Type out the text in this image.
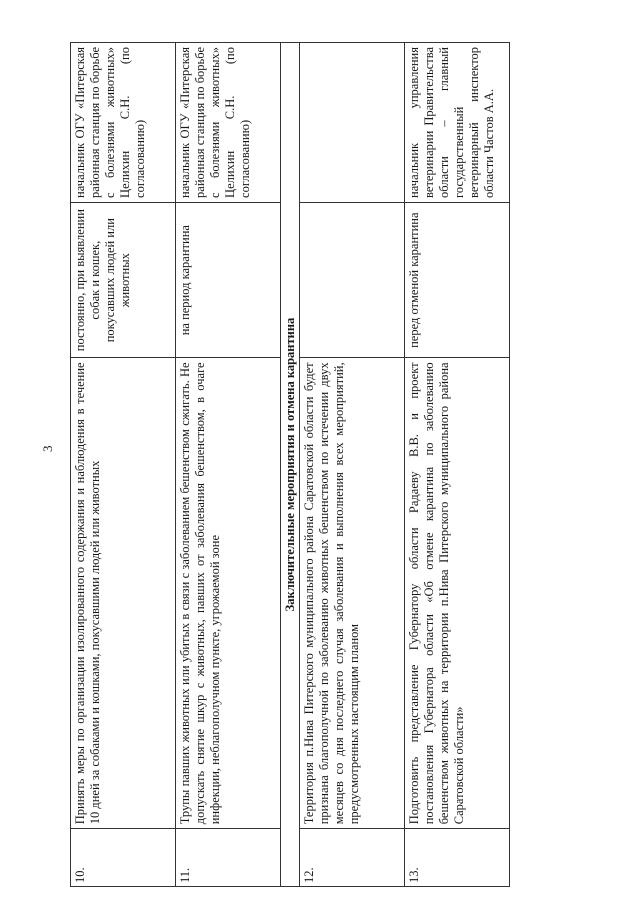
3
10.	Принять меры по организации изолированного содержания и наблюдения в течение 10 дней за собаками и кошками, покусавшими людей или животных	постоянно, при выявлении собак и кошек, покусавших людей или животных	начальник ОГУ «Питерская районная станция по борьбе с болезнями животных» Целихин С.Н. (по согласованию)
11.	Трупы павших животных или убитых в связи с заболеванием бешенством сжигать. Не допускать снятие шкур с животных, павших от заболевания бешенством, в очаге инфекции, неблагополучном пункте, угрожаемой зоне	на период карантина	начальник ОГУ «Питерская районная станция по борьбе с болезнями животных» Целихин С.Н. (по согласованию)
Заключительные мероприятия и отмена карантина			
12.	Территория п.Нива Питерского муниципального района Саратовской области будет признана благополучной по заболеванию животных бешенством по истечении двух месяцев со дня последнего случая заболевания и выполнения всех мероприятий, предусмотренных настоящим планом		
13.	Подготовить представление Губернатору области Радаеву В.В. и проект постановления Губернатора области «Об отмене карантина по заболеванию бешенством животных на территории п.Нива Питерского муниципального района Саратовской области»	перед отменой карантина	начальник управления ветеринарии Правительства области – главный государственный ветеринарный инспектор области Частов А.А.
